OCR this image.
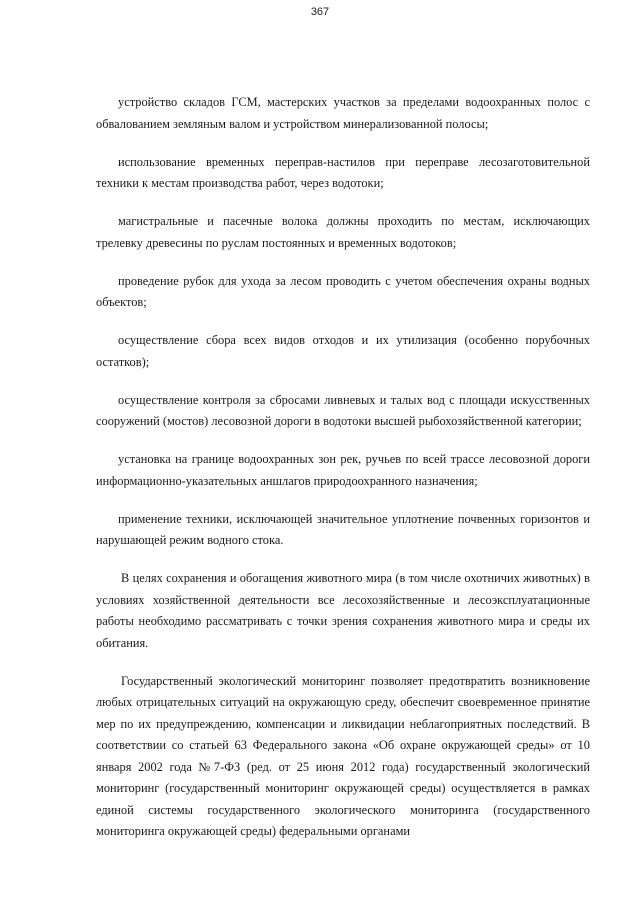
367

устройство складов ГСМ, мастерских участков за пределами водоохранных полос с обвалованием земляным валом и устройством минерализованной полосы;

использование временных переправ-настилов при переправе лесозаготовительной техники к местам производства работ, через водотоки;

магистральные и пасечные волока должны проходить по местам, исключающих трелевку древесины по руслам постоянных и временных водотоков;

проведение рубок для ухода за лесом проводить с учетом обеспечения охраны водных объектов;

осуществление сбора всех видов отходов и их утилизация (особенно порубочных остатков);

осуществление контроля за сбросами ливневых и талых вод с площади искусственных сооружений (мостов) лесовозной дороги в водотоки высшей рыбохозяйственной категории;

установка на границе водоохранных зон рек, ручьев по всей трассе лесовозной дороги информационно-указательных аншлагов природоохранного назначения;

применение техники, исключающей значительное уплотнение почвенных горизонтов и нарушающей режим водного стока.

В целях сохранения и обогащения животного мира (в том числе охотничих животных) в условиях хозяйственной деятельности все лесохозяйственные и лесоэксплуатационные работы необходимо рассматривать с точки зрения сохранения животного мира и среды их обитания.

Государственный экологический мониторинг позволяет предотвратить возникновение любых отрицательных ситуаций на окружающую среду, обеспечит своевременное принятие мер по их предупреждению, компенсации и ликвидации неблагоприятных последствий. В соответствии со статьей 63 Федерального закона «Об охране окружающей среды» от 10 января 2002 года №7-ФЗ (ред. от 25 июня 2012 года) государственный экологический мониторинг (государственный мониторинг окружающей среды) осуществляется в рамках единой системы государственного экологического мониторинга (государственного мониторинга окружающей среды) федеральными органами
